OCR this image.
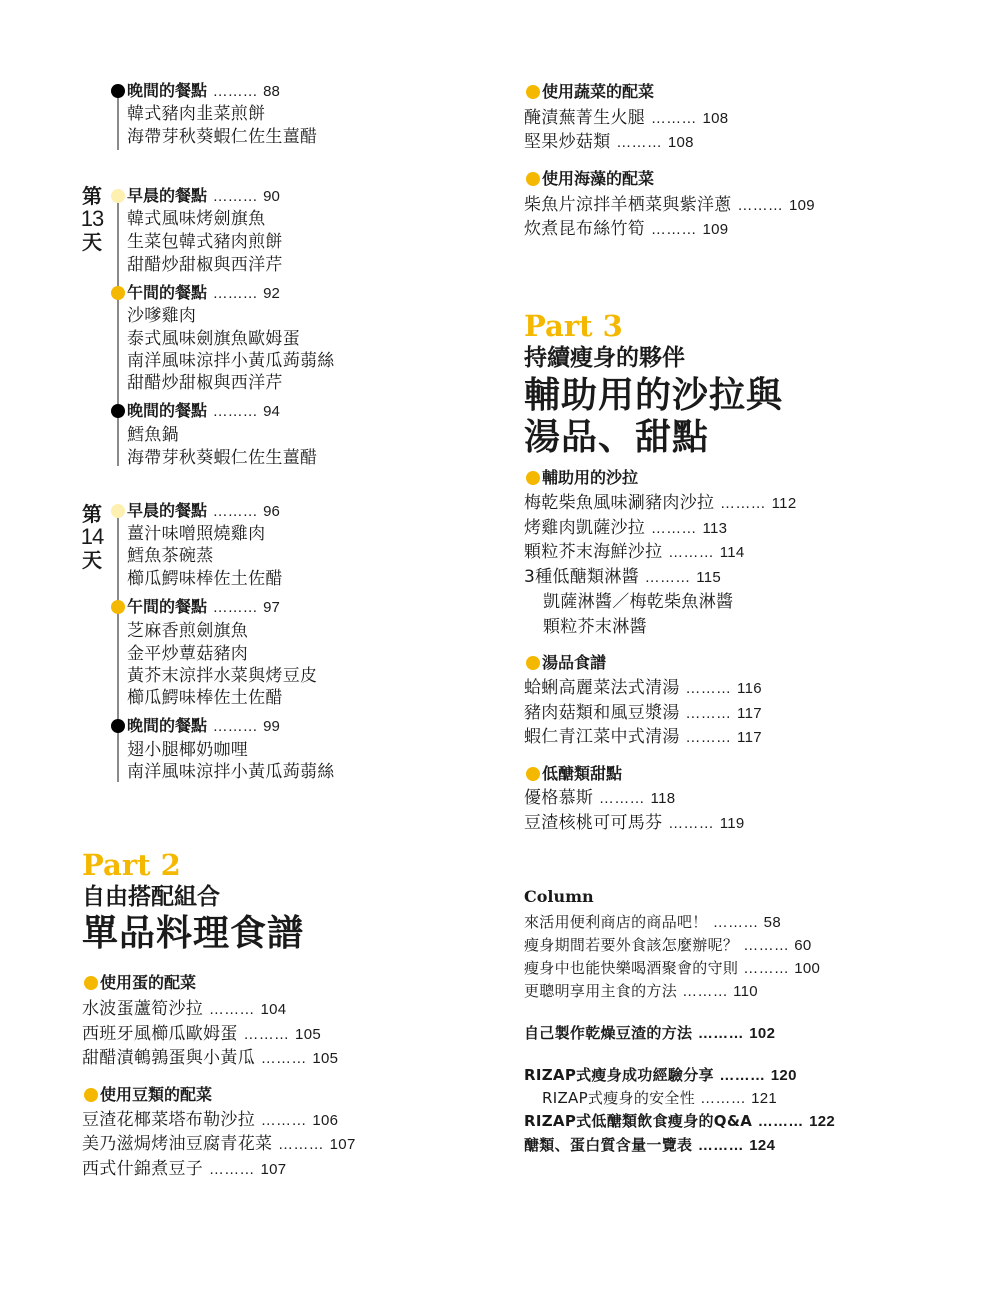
晚間的餐點 ……… 88
韓式豬肉韭菜煎餅
海帶芽秋葵蝦仁佐生薑醋
第
13
天
早晨的餐點 ……… 90
韓式風味烤劍旗魚
生菜包韓式豬肉煎餅
甜醋炒甜椒與西洋芹
午間的餐點 ……… 92
沙嗲雞肉
泰式風味劍旗魚歐姆蛋
南洋風味涼拌小黃瓜蒟蒻絲
甜醋炒甜椒與西洋芹
晚間的餐點 ……… 94
鱈魚鍋
海帶芽秋葵蝦仁佐生薑醋
第
14
天
早晨的餐點 ……… 96
薑汁味噌照燒雞肉
鱈魚茶碗蒸
櫛瓜鰐味棒佐土佐醋
午間的餐點 ……… 97
芝麻香煎劍旗魚
金平炒蕈菇豬肉
黃芥末涼拌水菜與烤豆皮
櫛瓜鰐味棒佐土佐醋
晚間的餐點 ……… 99
翅小腿椰奶咖哩
南洋風味涼拌小黃瓜蒟蒻絲
Part 2
自由搭配組合
單品料理食譜
使用蛋的配菜
水波蛋蘆筍沙拉 ……… 104
西班牙風櫛瓜歐姆蛋 ……… 105
甜醋漬鵪鶉蛋與小黃瓜 ……… 105
使用豆類的配菜
豆渣花椰菜塔布勒沙拉 ……… 106
美乃滋焗烤油豆腐青花菜 ……… 107
西式什錦煮豆子 ……… 107
使用蔬菜的配菜
醃漬蕪菁生火腿 ……… 108
堅果炒菇類 ……… 108
使用海藻的配菜
柴魚片涼拌羊栖菜與紫洋蔥 ……… 109
炊煮昆布絲竹筍 ……… 109
Part 3
持續瘦身的夥伴
輔助用的沙拉與
湯品、甜點
輔助用的沙拉
梅乾柴魚風味涮豬肉沙拉 ……… 112
烤雞肉凱薩沙拉 ……… 113
顆粒芥末海鮮沙拉 ……… 114
3種低醣類淋醬 ……… 115
凱薩淋醬／梅乾柴魚淋醬
顆粒芥末淋醬
湯品食譜
蛤蜊高麗菜法式清湯 ……… 116
豬肉菇類和風豆漿湯 ……… 117
蝦仁青江菜中式清湯 ……… 117
低醣類甜點
優格慕斯 ……… 118
豆渣核桃可可馬芬 ……… 119
Column
來活用便利商店的商品吧！ ……… 58
瘦身期間若要外食該怎麼辦呢？ ……… 60
瘦身中也能快樂喝酒聚會的守則 ……… 100
更聰明享用主食的方法 ……… 110
自己製作乾燥豆渣的方法 ……… 102
RIZAP式瘦身成功經驗分享 ……… 120
RIZAP式瘦身的安全性 ……… 121
RIZAP式低醣類飲食瘦身的Q&A ……… 122
醣類、蛋白質含量一覽表 ……… 124
